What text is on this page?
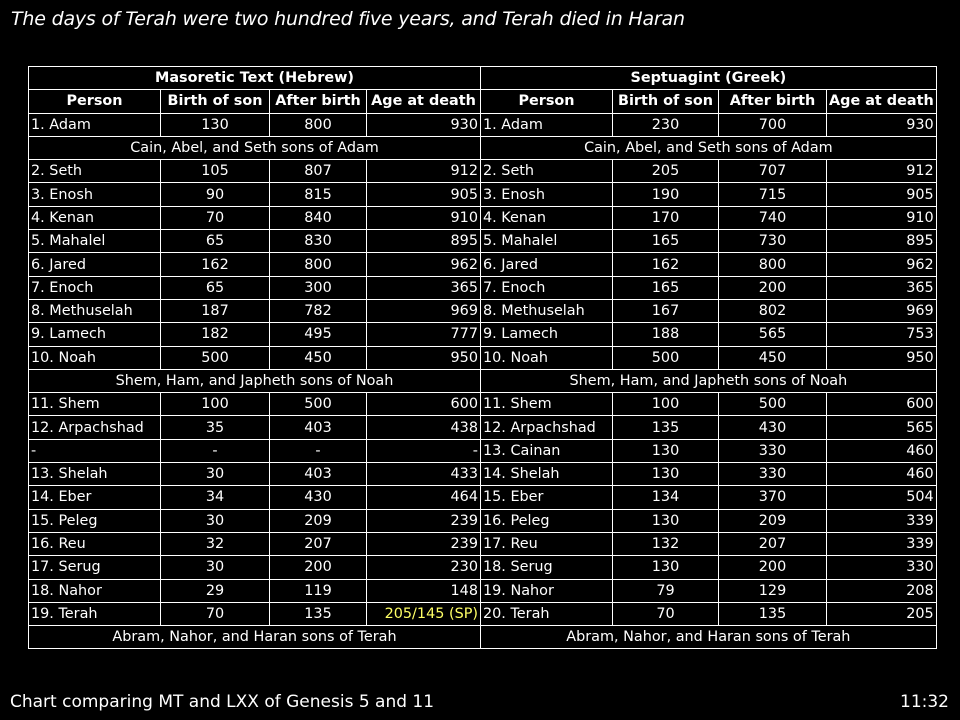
The days of Terah were two hundred five years, and Terah died in Haran
Masoretic Text (Hebrew)				Septuagint (Greek)			
Person	Birth of son	After birth	Age at death	Person	Birth of son	After birth	Age at death
1. Adam	130	800	930	1. Adam	230	700	930
Cain, Abel, and Seth sons of Adam				Cain, Abel, and Seth sons of Adam			
2. Seth	105	807	912	2. Seth	205	707	912
3. Enosh	90	815	905	3. Enosh	190	715	905
4. Kenan	70	840	910	4. Kenan	170	740	910
5. Mahalel	65	830	895	5. Mahalel	165	730	895
6. Jared	162	800	962	6. Jared	162	800	962
7. Enoch	65	300	365	7. Enoch	165	200	365
8. Methuselah	187	782	969	8. Methuselah	167	802	969
9. Lamech	182	495	777	9. Lamech	188	565	753
10. Noah	500	450	950	10. Noah	500	450	950
Shem, Ham, and Japheth sons of Noah				Shem, Ham, and Japheth sons of Noah			
11. Shem	100	500	600	11. Shem	100	500	600
12. Arpachshad	35	403	438	12. Arpachshad	135	430	565
-	-	-	-	13. Cainan	130	330	460
13. Shelah	30	403	433	14. Shelah	130	330	460
14. Eber	34	430	464	15. Eber	134	370	504
15. Peleg	30	209	239	16. Peleg	130	209	339
16. Reu	32	207	239	17. Reu	132	207	339
17. Serug	30	200	230	18. Serug	130	200	330
18. Nahor	29	119	148	19. Nahor	79	129	208
19. Terah	70	135	205/145 (SP)	20. Terah	70	135	205
Abram, Nahor, and Haran sons of Terah				Abram, Nahor, and Haran sons of Terah			
Chart comparing MT and LXX of Genesis 5 and 11	11:32
